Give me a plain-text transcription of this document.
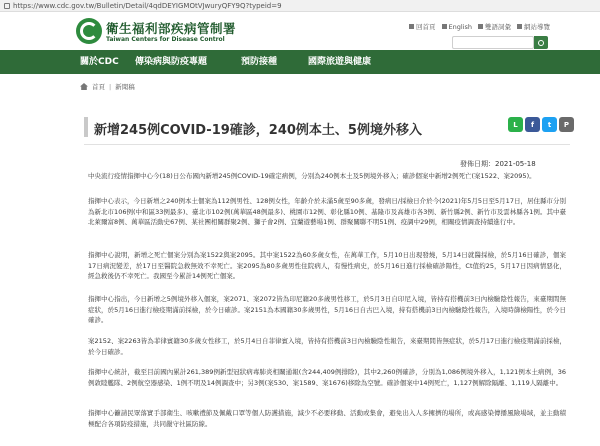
https://www.cdc.gov.tw/Bulletin/Detail/4qdDEYIGMOtVJwuryQFY9Q?typeid=9
衛生福利部疾病管制署
Taiwan Centers for Disease Control
回首頁 English 雙語詞彙 網站導覽
關於CDC 傳染病與防疫專題	預防接種	國際旅遊與健康
首頁 | 新聞稿
新增245例COVID-19確診，240例本土、5例境外移入	L	f	t	P
發佈日期：2021-05-18
中央流行疫情指揮中心今(18)日公布國內新增245例COVID-19確定病例，分別為240例本土及5例境外移入；確診個案中新增2例死亡(案1522、案2095)。
指揮中心表示，今日新增之240例本土個案為112例男性、128例女性，年齡介於未滿5歲至90多歲，發病日/採檢日介於今(2021)年5月5日至5月17日，居住縣市分別為新北市106例(中和區33例最多)、臺北市102例(萬華區48例最多)、桃園市12例、彰化縣10例、基隆市及高雄市各3例、新竹縣2例、新竹市及雲林縣各1例。其中臺北萊爾富8例、萬華區活動史67例、某社團相關群聚2例、獅子會2例、宜蘭遊藝場1例、群聚關聯不明51例、疫調中29例，相關疫情調查持續進行中。
指揮中心說明，新增之死亡個案分別為案1522與案2095。其中案1522為60多歲女性，在萬華工作，5月10日出現發燒，5月14日就醫採檢，於5月16日確診，個案17日病況變差，於17日至醫院急救無效不幸死亡。案2095為80多歲男性住院病人，有慢性病史，於5月16日進行採檢確診陽性，Ct值約25，5月17日因病情惡化，經急救後仍不幸死亡。我國至今累計14例死亡個案。
指揮中心指出，今日新增之5例境外移入個案，案2071、案2072皆為印尼籍20多歲男性移工，於5月3日自印尼入境，皆持有搭機前3日內檢驗陰性報告，來臺期間無症狀，於5月16日進行檢疫期滿前採檢，於今日確診。案2151為本國籍30多歲男性，5月16日自古巴入境，持有搭機前3日內檢驗陰性報告，入境時篩檢陽性，於今日確診。
案2152、案2263皆為菲律賓籍30多歲女性移工，於5月4日自菲律賓入境，皆持有搭機前3日內檢驗陰性報告，來臺期間皆無症狀，於5月17日進行檢疫期滿前採檢，於今日確診。
指揮中心統計，截至目前國內累計261,389例新型冠狀病毒肺炎相關通報(含244,409例排除)，其中2,260例確診，分別為1,086例境外移入，1,121例本土病例，36例敦睦艦隊、2例航空器感染、1例不明及14例調查中；另3例(案530、案1589、案1676)移除為空號。確診個案中14例死亡，1,127例解除隔離、1,119人隔離中。
指揮中心籲請民眾落實手部衛生、咳嗽禮節及佩戴口罩等個人防護措施，減少不必要移動、活動或集會，避免出入人多擁擠的場所，或高感染傳播風險場域，並主動積極配合各項防疫措施，共同嚴守社區防線。
